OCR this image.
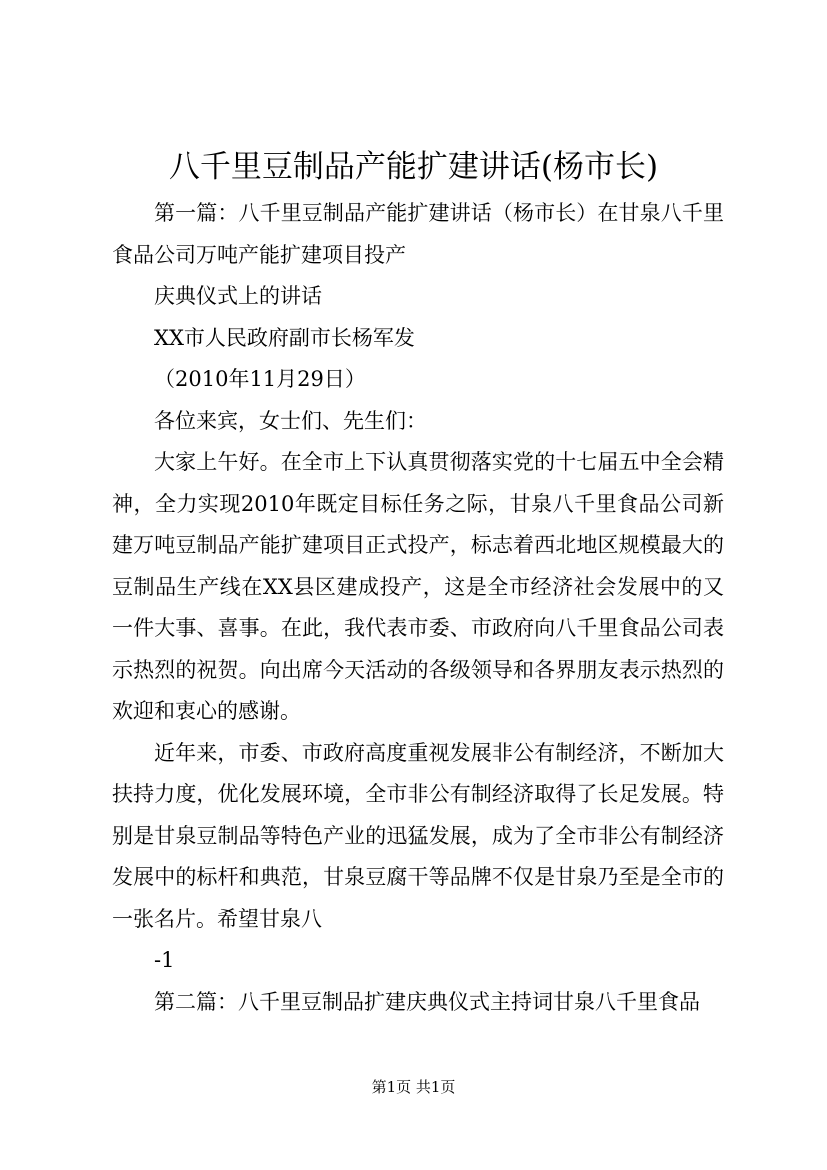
八千里豆制品产能扩建讲话(杨市长)

第一篇：八千里豆制品产能扩建讲话（杨市长）在甘泉八千里食品公司万吨产能扩建项目投产

庆典仪式上的讲话

XX市人民政府副市长杨军发

（2010年11月29日）

各位来宾，女士们、先生们：

大家上午好。在全市上下认真贯彻落实党的十七届五中全会精神，全力实现2010年既定目标任务之际，甘泉八千里食品公司新建万吨豆制品产能扩建项目正式投产，标志着西北地区规模最大的豆制品生产线在XX县区建成投产，这是全市经济社会发展中的又一件大事、喜事。在此，我代表市委、市政府向八千里食品公司表示热烈的祝贺。向出席今天活动的各级领导和各界朋友表示热烈的欢迎和衷心的感谢。

近年来，市委、市政府高度重视发展非公有制经济，不断加大扶持力度，优化发展环境，全市非公有制经济取得了长足发展。特别是甘泉豆制品等特色产业的迅猛发展，成为了全市非公有制经济发展中的标杆和典范，甘泉豆腐干等品牌不仅是甘泉乃至是全市的一张名片。希望甘泉八

-1

第二篇：八千里豆制品扩建庆典仪式主持词甘泉八千里食品

第1页 共1页
